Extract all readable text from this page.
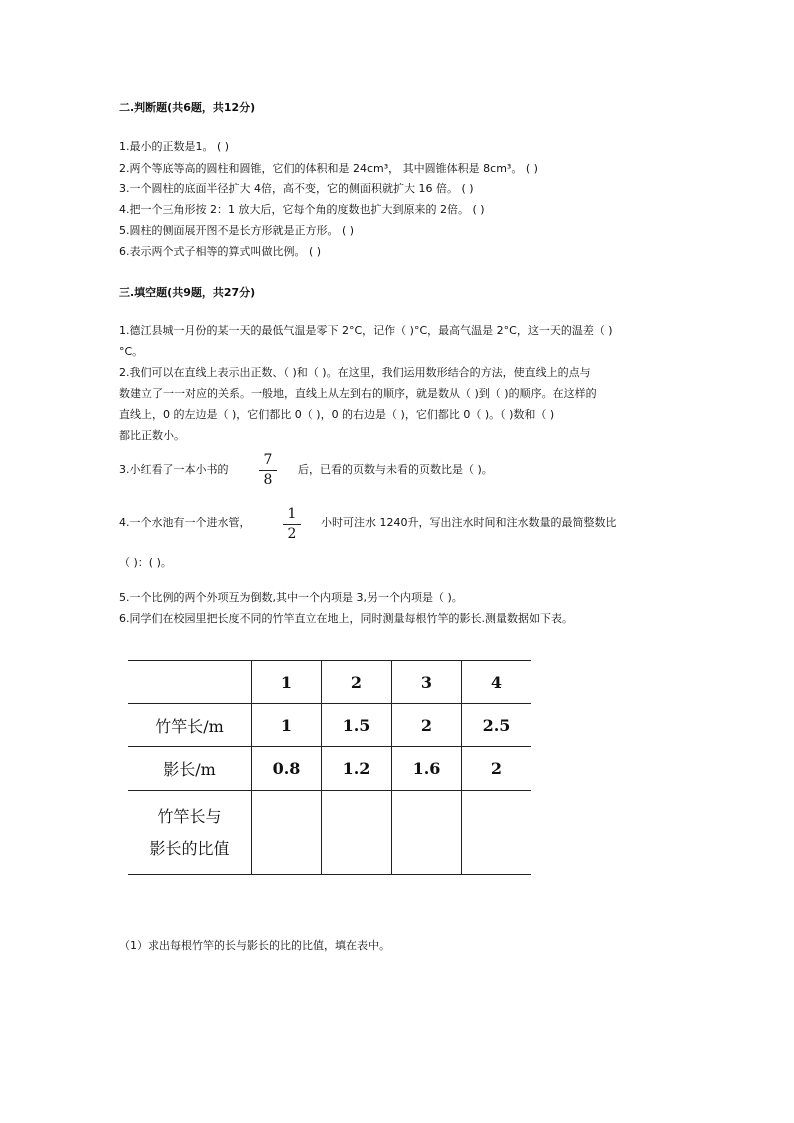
二.判断题(共6题，共12分)
1.最小的正数是1。 ( )
2.两个等底等高的圆柱和圆锥，它们的体积和是 24cm³， 其中圆锥体积是 8cm³。 ( )
3.一个圆柱的底面半径扩大 4倍，高不变，它的侧面积就扩大 16 倍。 ( )
4.把一个三角形按 2：1 放大后，它每个角的度数也扩大到原来的 2倍。 ( )
5.圆柱的侧面展开图不是长方形就是正方形。 ( )
6.表示两个式子相等的算式叫做比例。 ( )
三.填空题(共9题，共27分)
1.德江县城一月份的某一天的最低气温是零下 2°C，记作（ )°C，最高气温是 2°C，这一天的温差（ )
°C。
2.我们可以在直线上表示出正数、（ )和（ )。在这里，我们运用数形结合的方法，使直线上的点与
数建立了一一对应的关系。一般地，直线上从左到右的顺序，就是数从（ )到（ )的顺序。在这样的
直线上，0 的左边是（ )，它们都比 0（ )，0 的右边是（ )，它们都比 0（ )。（ )数和（ )
都比正数小。
3.小红看了一本小书的
7
8
后，已看的页数与未看的页数比是（ )。
4.一个水池有一个进水管，
1
2
小时可注水 1240升，写出注水时间和注水数量的最简整数比
（ )：( )。
5.一个比例的两个外项互为倒数,其中一个内项是 3,另一个内项是（ )。
6.同学们在校园里把长度不同的竹竿直立在地上，同时测量每根竹竿的影长.测量数据如下表。
	1	2	3	4
竹竿长/m	1	1.5	2	2.5
影长/m	0.8	1.2	1.6	2

竹竿长与
影长的比值				

（1）求出每根竹竿的长与影长的比的比值，填在表中。
